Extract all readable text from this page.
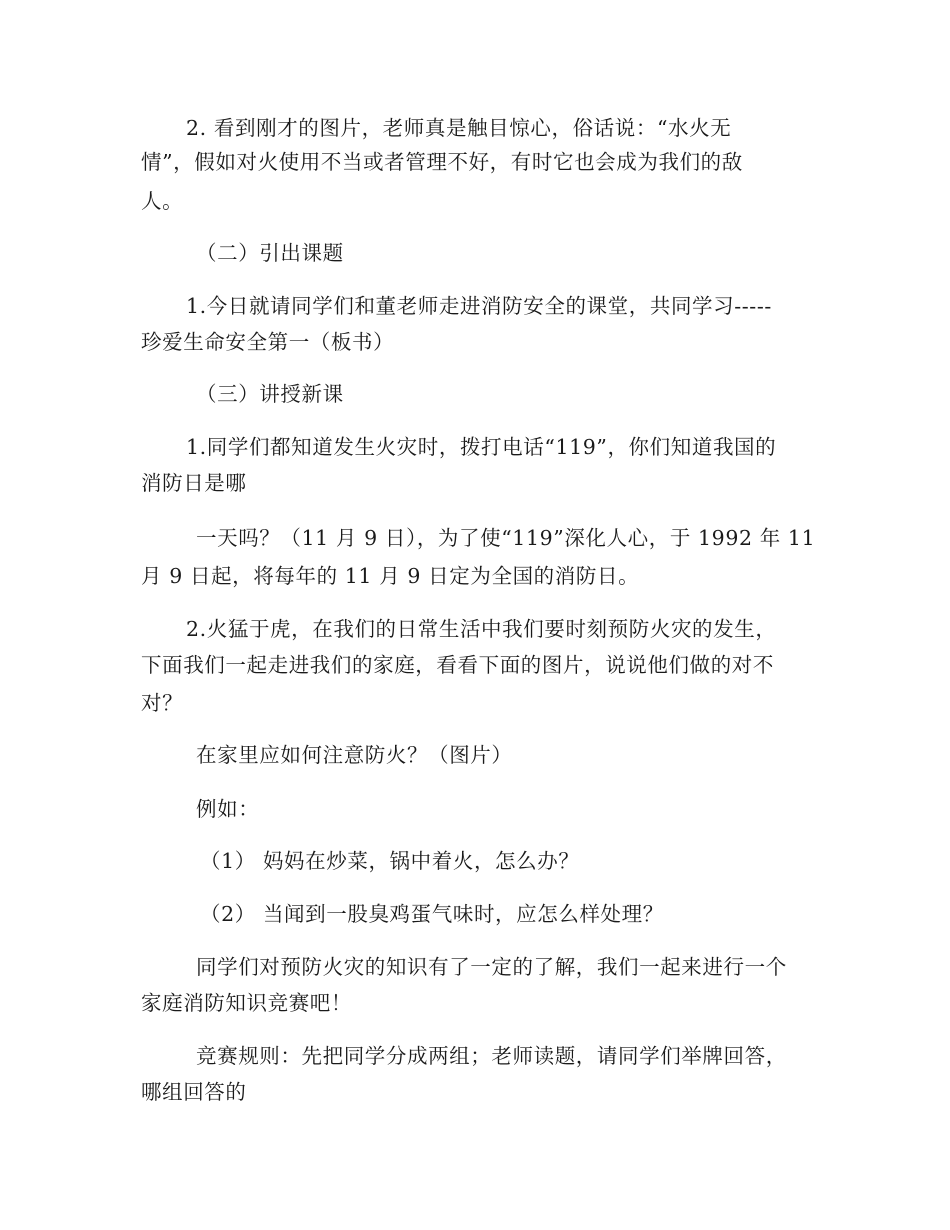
2. 看到刚才的图片，老师真是触目惊心，俗话说：“水火无
情”，假如对火使用不当或者管理不好，有时它也会成为我们的敌
人。
（二）引出课题
1.今日就请同学们和董老师走进消防安全的课堂，共同学习-----
珍爱生命安全第一（板书）
（三）讲授新课
1.同学们都知道发生火灾时，拨打电话“119”，你们知道我国的
消防日是哪
一天吗？（11 月 9 日），为了使“119”深化人心，于 1992 年 11
月 9 日起，将每年的 11 月 9 日定为全国的消防日。
2.火猛于虎，在我们的日常生活中我们要时刻预防火灾的发生，
下面我们一起走进我们的家庭，看看下面的图片，说说他们做的对不
对？
在家里应如何注意防火？（图片）
例如：
（1） 妈妈在炒菜，锅中着火，怎么办？
（2） 当闻到一股臭鸡蛋气味时，应怎么样处理？
同学们对预防火灾的知识有了一定的了解，我们一起来进行一个
家庭消防知识竞赛吧！
竞赛规则：先把同学分成两组；老师读题，请同学们举牌回答，
哪组回答的
